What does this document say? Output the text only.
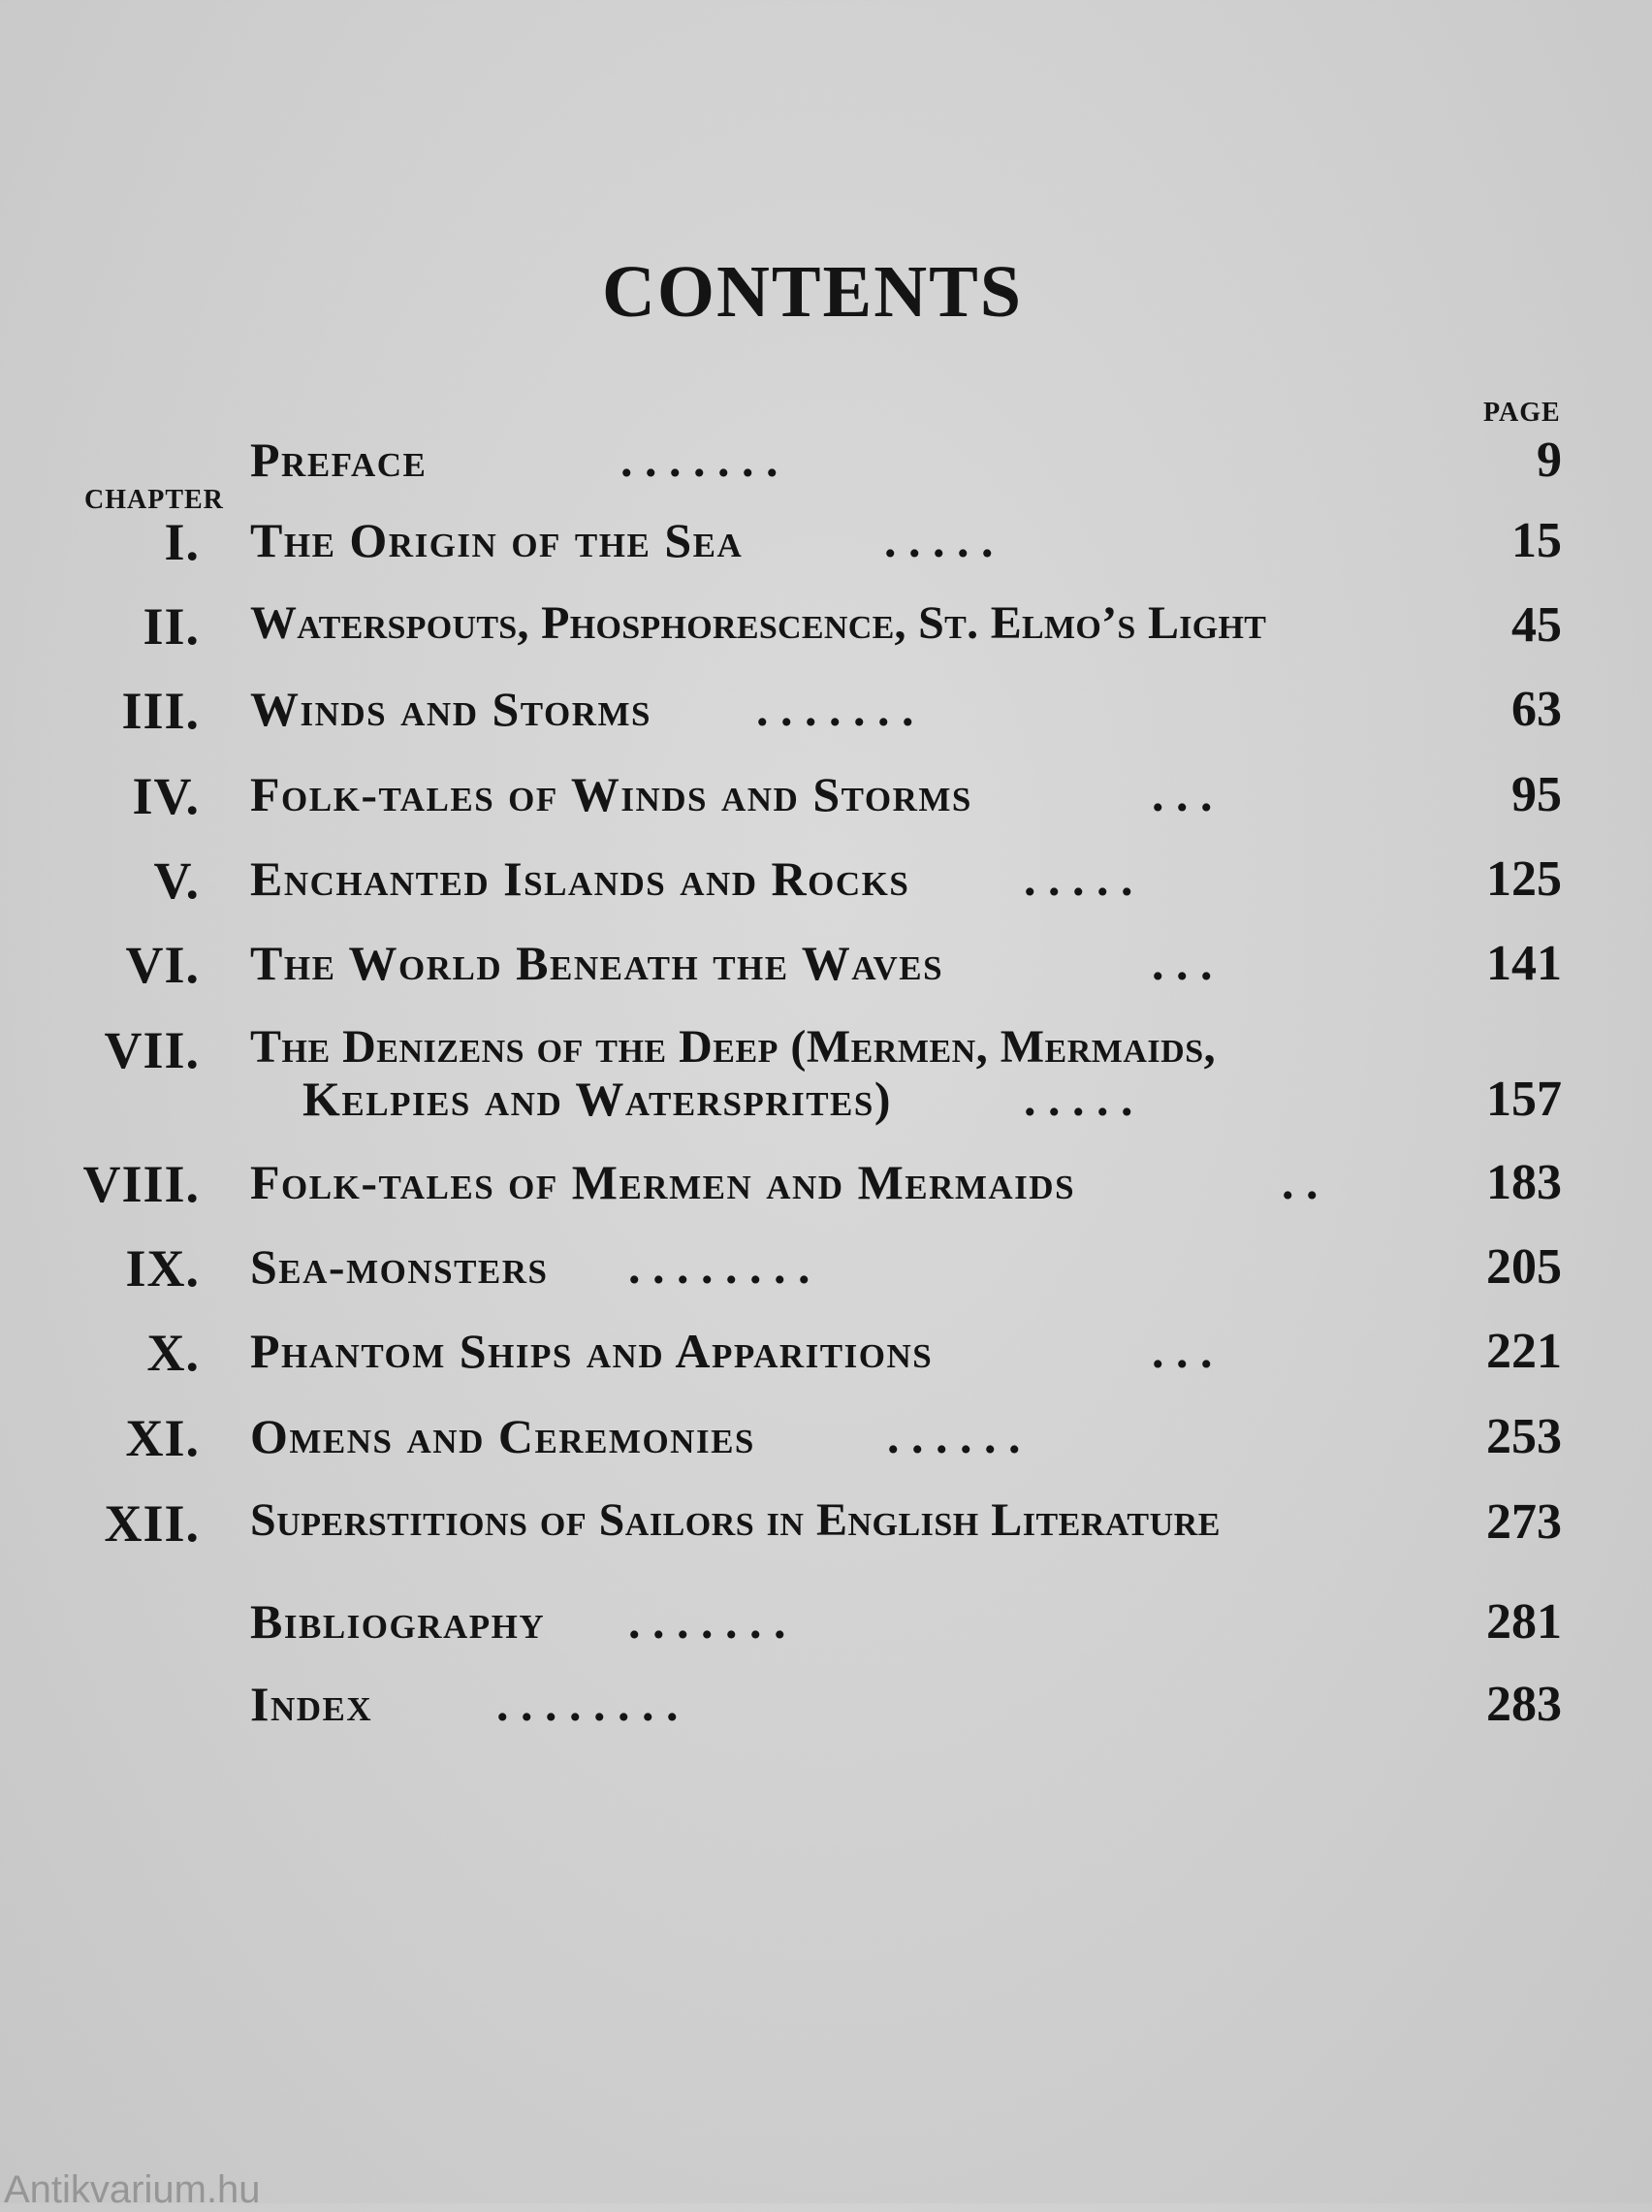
CONTENTS
PAGE
CHAPTER
Preface	. . . . . . .	9
I. The Origin of the Sea	. . . . .	15
II. Waterspouts, Phosphorescence, St. Elmo’s Light	45
III. Winds and Storms . . . . . . .	63
IV. Folk-tales of Winds and Storms	. . .	95
V. Enchanted Islands and Rocks . . . . .	125
VI. The World Beneath the Waves	. . .	141
VII. The Denizens of the Deep (Mermen, Mermaids,
Kelpies and Watersprites)	. . . . .	157
VIII. Folk-tales of Mermen and Mermaids	. .	183
IX. Sea-monsters . . . . . . . .	205
X. Phantom Ships and Apparitions	. . .	221
XI. Omens and Ceremonies	. . . . . .	253
XII. Superstitions of Sailors in English Literature	273
Bibliography . . . . . . .	281
Index	. . . . . . . .	283
Antikvarium.hu
